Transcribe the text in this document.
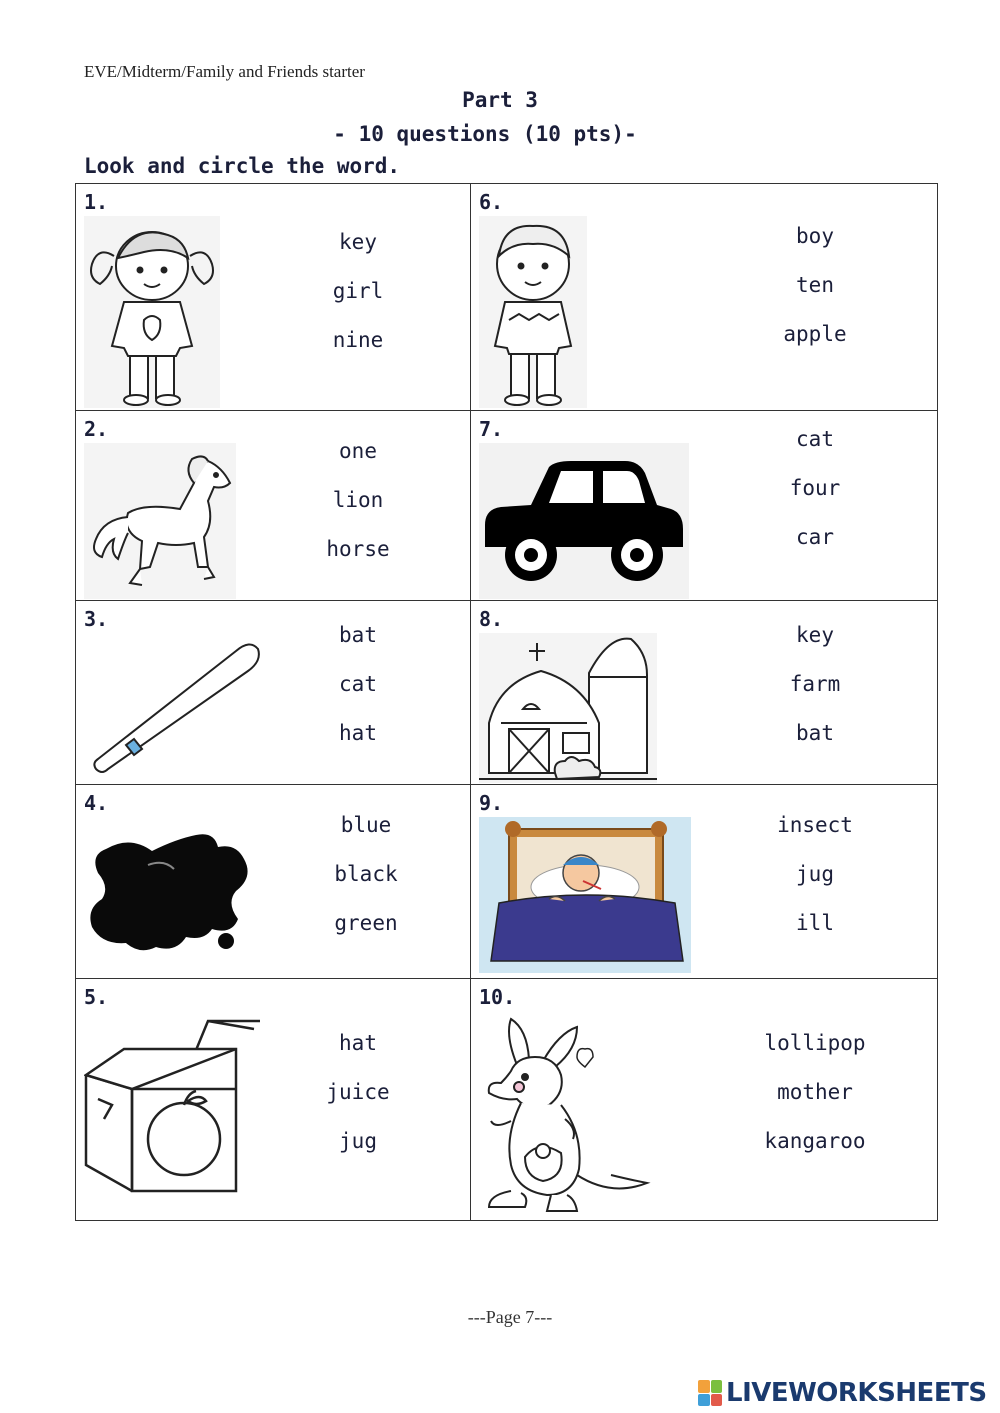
EVE/Midterm/Family and Friends starter
Part 3
- 10 questions (10 pts)-
Look and circle the word.
1.
key
girl
nine
6.
boy
ten
apple
2.
one
lion
horse
7.	cat
four
car
3.
bat
cat
hat
8.
key
farm
bat
4.
blue
black
green
9.
insect
jug
ill
5.
hat
juice
jug
10.
lollipop
mother
kangaroo
---Page 7---
LIVEWORKSHEETS
